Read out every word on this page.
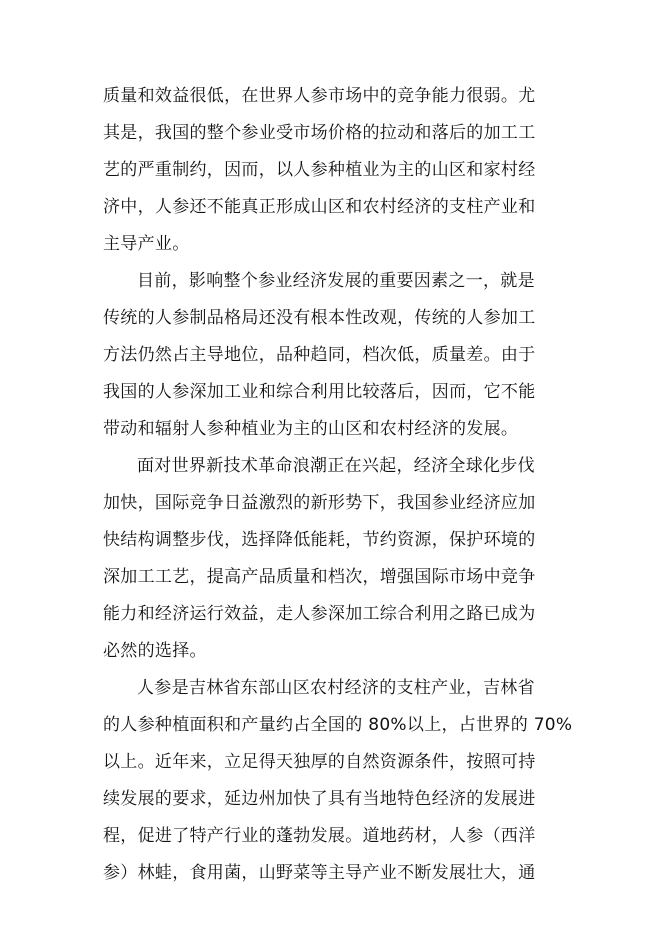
质量和效益很低，在世界人参市场中的竞争能力很弱。尤
其是，我国的整个参业受市场价格的拉动和落后的加工工
艺的严重制约，因而，以人参种植业为主的山区和家村经
济中，人参还不能真正形成山区和农村经济的支柱产业和
主导产业。
目前，影响整个参业经济发展的重要因素之一，就是
传统的人参制品格局还没有根本性改观，传统的人参加工
方法仍然占主导地位，品种趋同，档次低，质量差。由于
我国的人参深加工业和综合利用比较落后，因而，它不能
带动和辐射人参种植业为主的山区和农村经济的发展。
面对世界新技术革命浪潮正在兴起，经济全球化步伐
加快，国际竞争日益激烈的新形势下，我国参业经济应加
快结构调整步伐，选择降低能耗，节约资源，保护环境的
深加工工艺，提高产品质量和档次，增强国际市场中竞争
能力和经济运行效益，走人参深加工综合利用之路已成为
必然的选择。
人参是吉林省东部山区农村经济的支柱产业，吉林省
的人参种植面积和产量约占全国的 80%以上，占世界的 70%
以上。近年来，立足得天独厚的自然资源条件，按照可持
续发展的要求，延边州加快了具有当地特色经济的发展进
程，促进了特产行业的蓬勃发展。道地药材，人参（西洋
参）林蛙，食用菌，山野菜等主导产业不断发展壮大，通
